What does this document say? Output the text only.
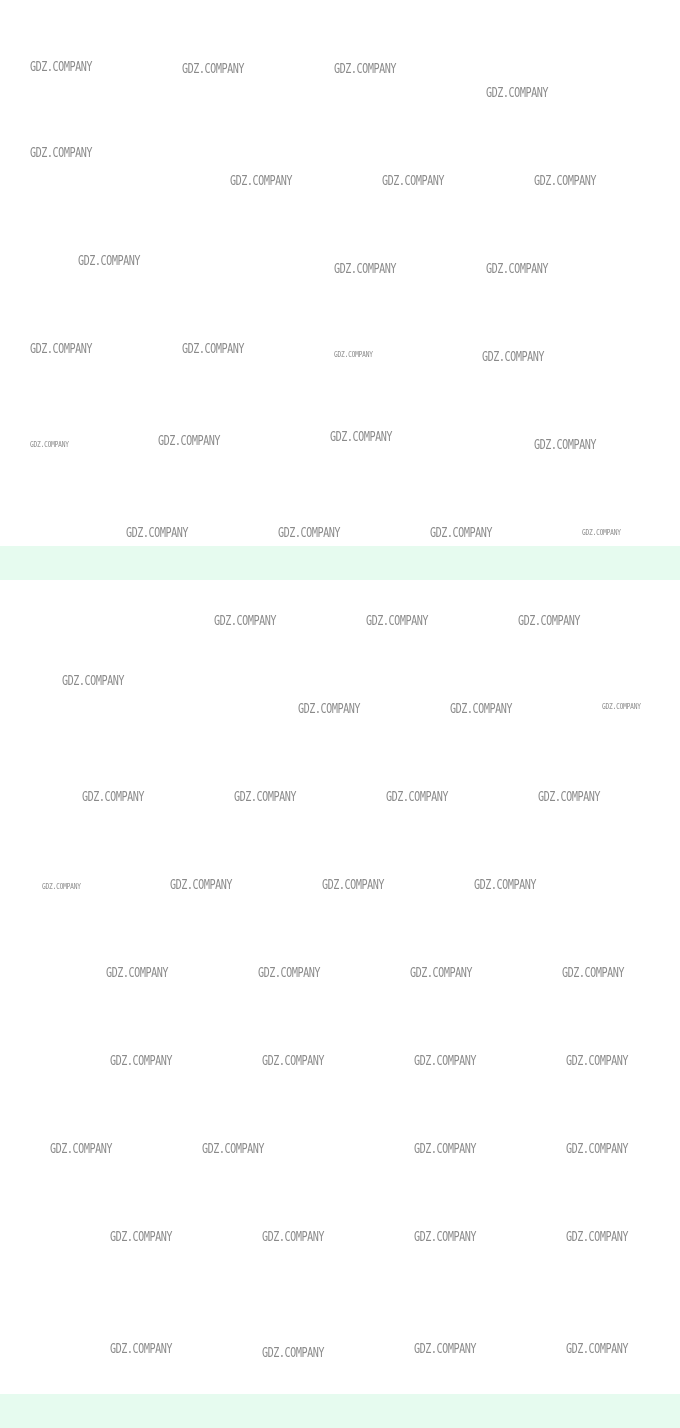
GDZ.COMPANY	GDZ.COMPANY	GDZ.COMPANY
GDZ.COMPANY
GDZ.COMPANY
GDZ.COMPANY	GDZ.COMPANY	GDZ.COMPANY
GDZ.COMPANY
GDZ.COMPANY	GDZ.COMPANY
GDZ.COMPANY	GDZ.COMPANY	GDZ.COMPANY	GDZ.COMPANY
GDZ.COMPANY	GDZ.COMPANY	GDZ.COMPANY
GDZ.COMPANY
GDZ.COMPANY	GDZ.COMPANY	GDZ.COMPANY	GDZ.COMPANY
GDZ.COMPANY	GDZ.COMPANY	GDZ.COMPANY
GDZ.COMPANY
GDZ.COMPANY	GDZ.COMPANY	GDZ.COMPANY
GDZ.COMPANY	GDZ.COMPANY	GDZ.COMPANY	GDZ.COMPANY
GDZ.COMPANY	GDZ.COMPANY	GDZ.COMPANY	GDZ.COMPANY
GDZ.COMPANY	GDZ.COMPANY	GDZ.COMPANY	GDZ.COMPANY
GDZ.COMPANY	GDZ.COMPANY	GDZ.COMPANY	GDZ.COMPANY
GDZ.COMPANY	GDZ.COMPANY	GDZ.COMPANY	GDZ.COMPANY
GDZ.COMPANY	GDZ.COMPANY	GDZ.COMPANY	GDZ.COMPANY
GDZ.COMPANY	GDZ.COMPANY	GDZ.COMPANY	GDZ.COMPANY
